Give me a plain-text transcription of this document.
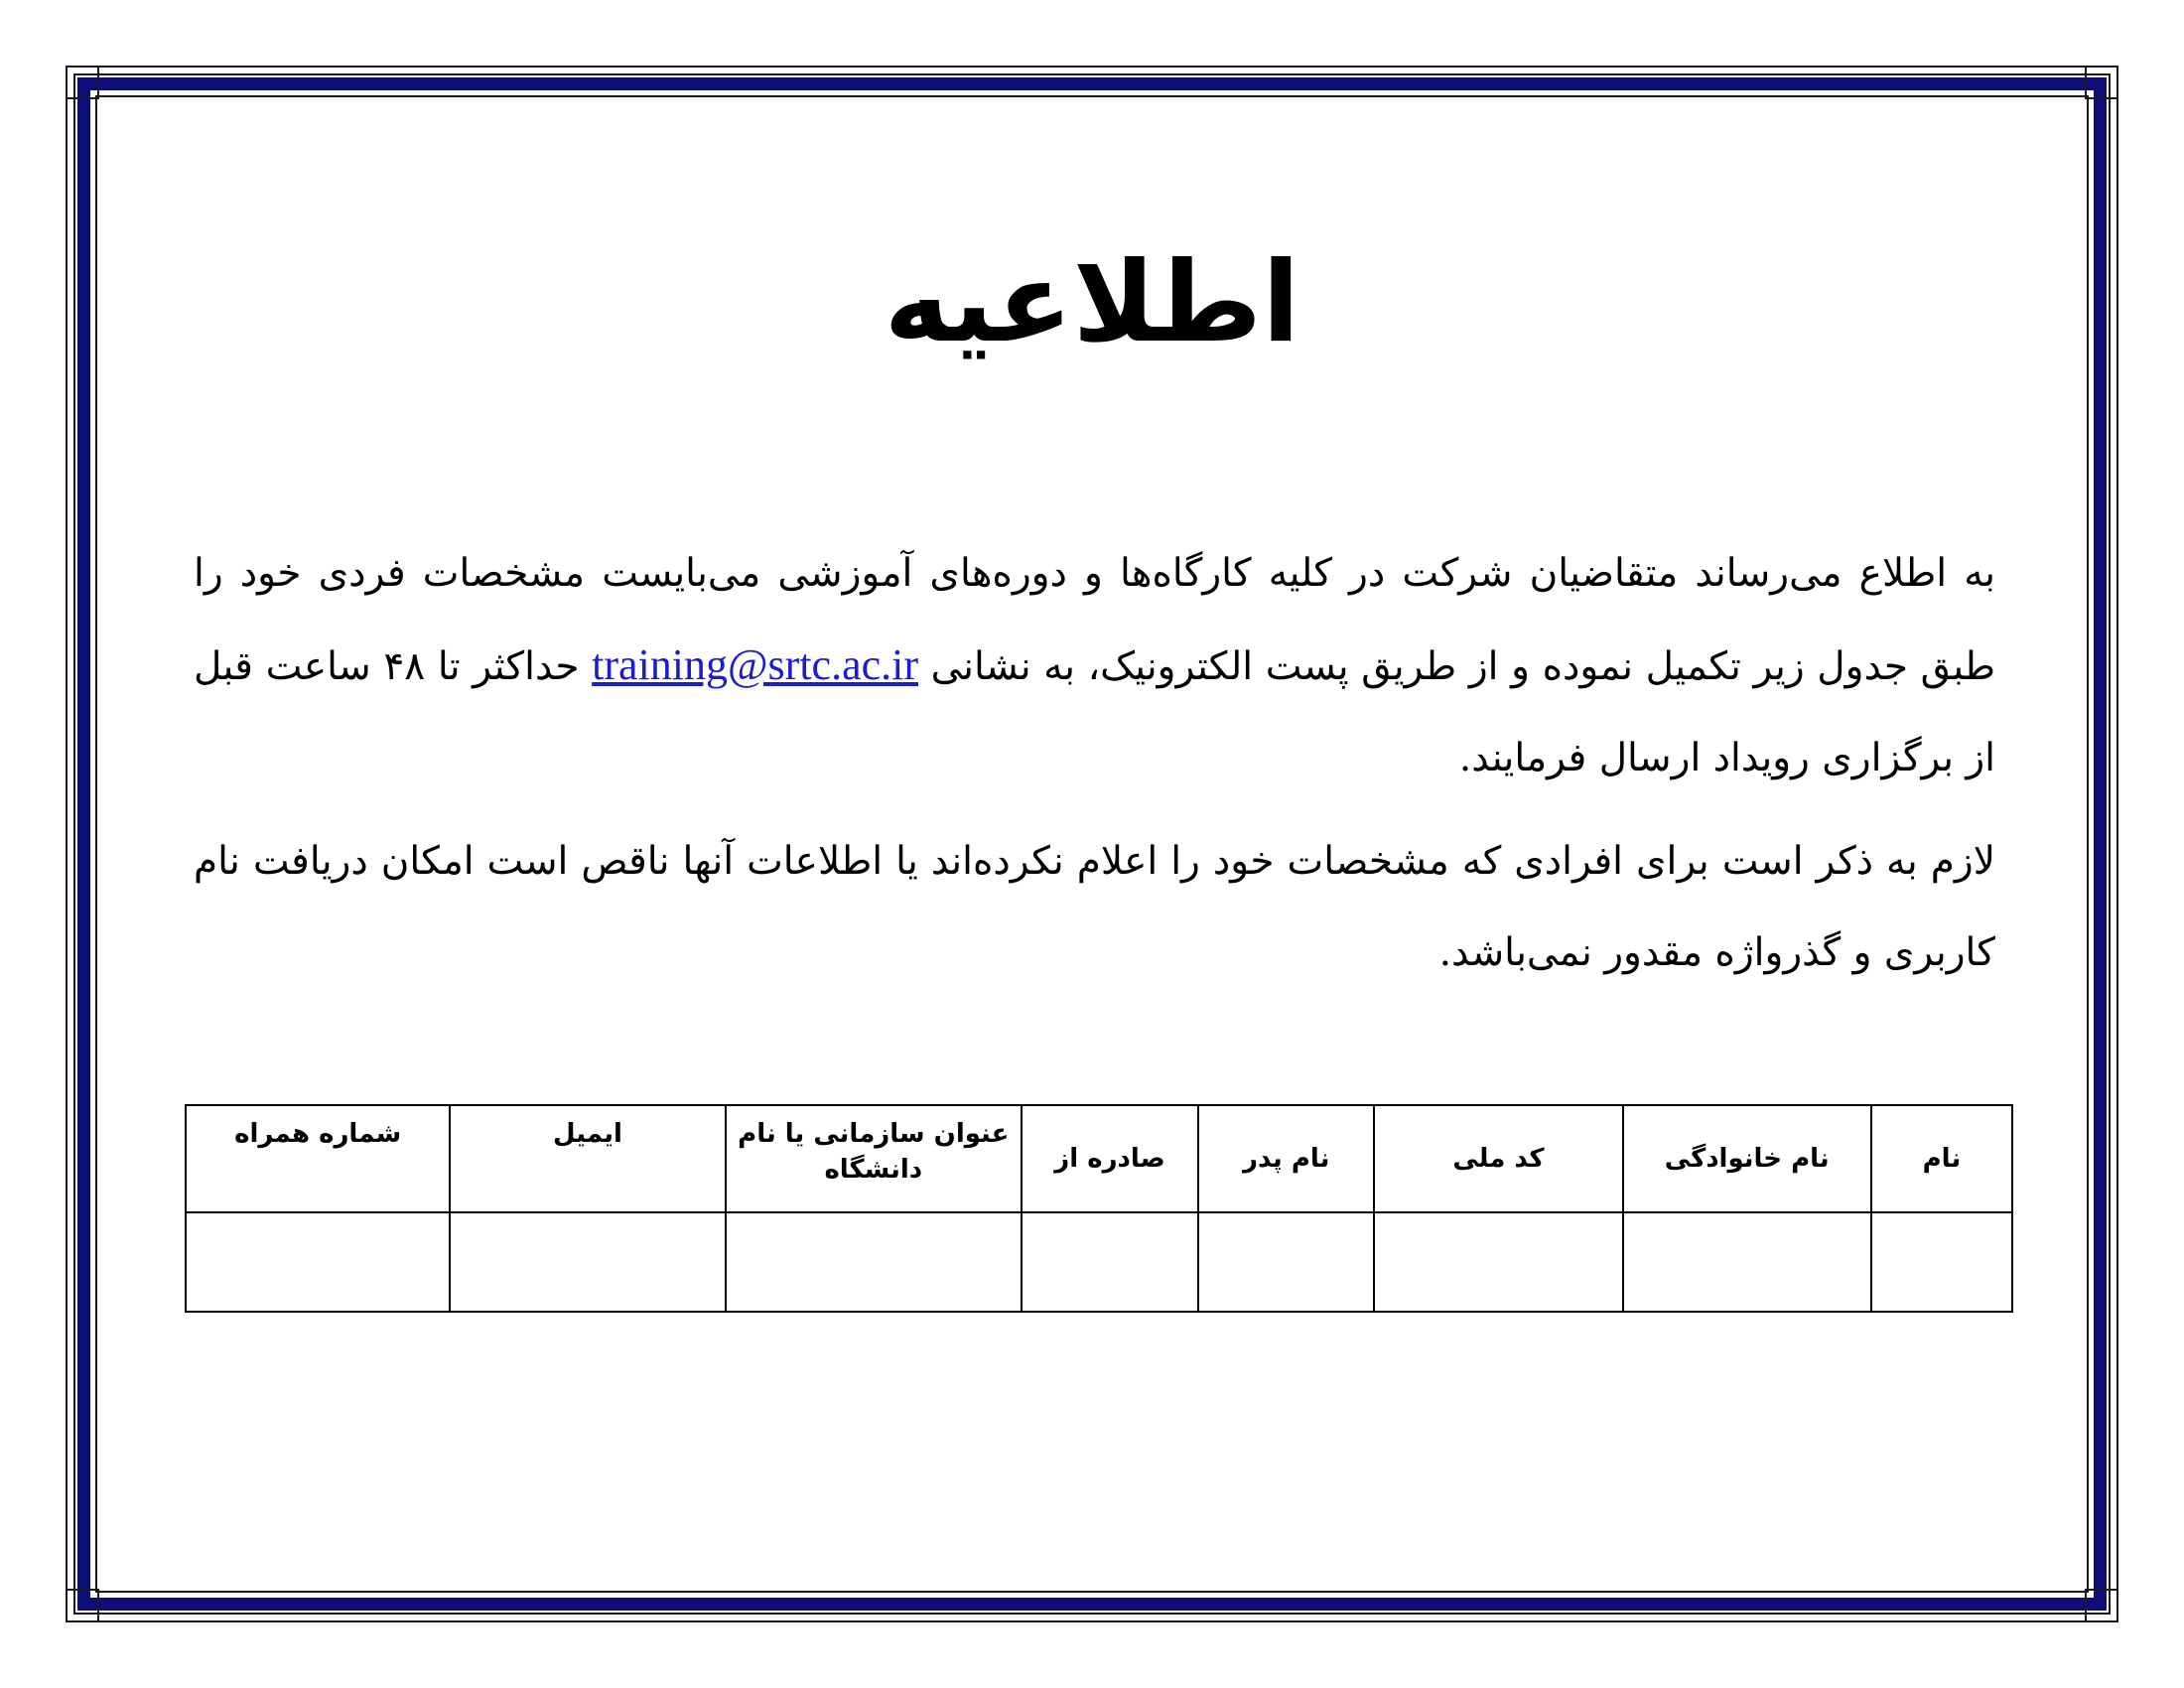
اطلاعیه
به اطلاع می‌رساند متقاضیان شرکت در کلیه کارگاه‌ها و دوره‌های آموزشی می‌بایست مشخصات فردی خود را طبق جدول زیر تکمیل نموده و از طریق پست الکترونیک، به نشانی training@srtc.ac.ir حداکثر تا ۴۸ ساعت قبل از برگزاری رویداد ارسال فرمایند.
لازم به ذکر است برای افرادی که مشخصات خود را اعلام نکرده‌اند یا اطلاعات آنها ناقص است امکان دریافت نام کاربری و گذرواژه مقدور نمی‌باشد.
نام	نام خانوادگی	کد ملی	نام پدر	صادره از	عنوان سازمانی یا نام دانشگاه	ایمیل	شماره همراه
